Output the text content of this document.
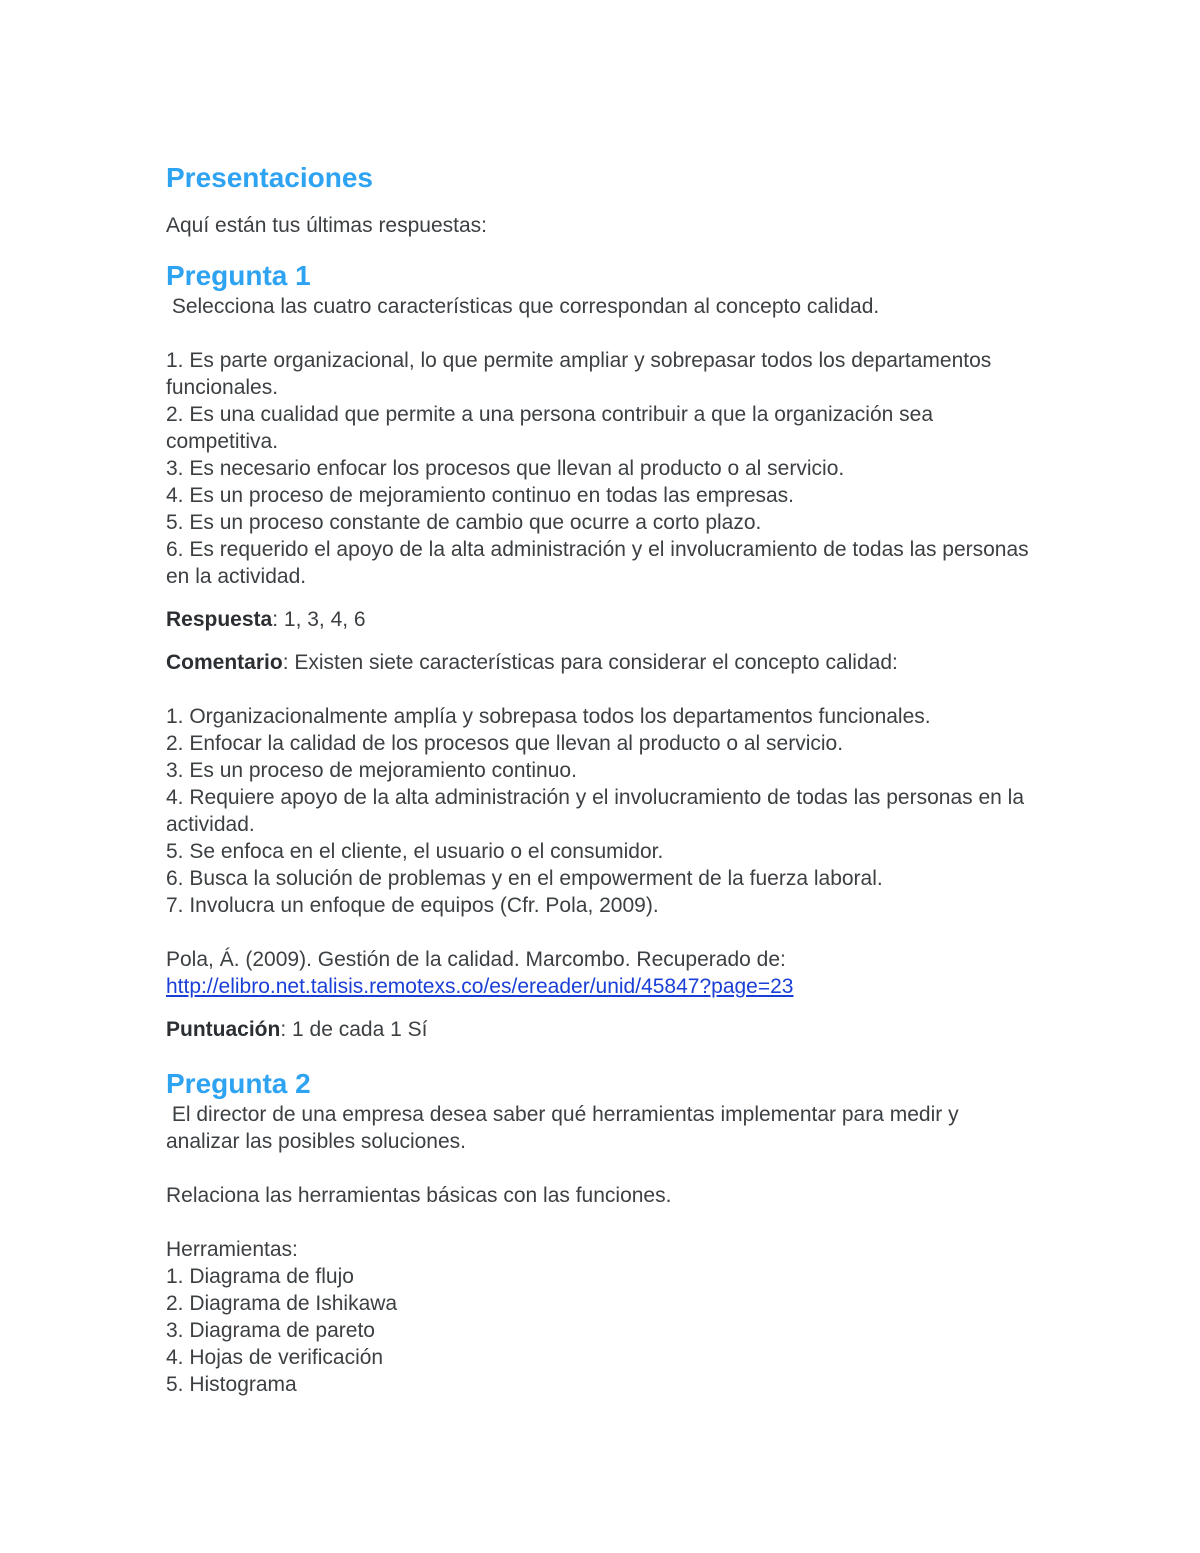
Presentaciones
Aquí están tus últimas respuestas:
Pregunta 1
Selecciona las cuatro características que correspondan al concepto calidad.
1. Es parte organizacional, lo que permite ampliar y sobrepasar todos los departamentos funcionales.
2. Es una cualidad que permite a una persona contribuir a que la organización sea competitiva.
3. Es necesario enfocar los procesos que llevan al producto o al servicio.
4. Es un proceso de mejoramiento continuo en todas las empresas.
5. Es un proceso constante de cambio que ocurre a corto plazo.
6. Es requerido el apoyo de la alta administración y el involucramiento de todas las personas en la actividad.
Respuesta: 1, 3, 4, 6
Comentario: Existen siete características para considerar el concepto calidad:
1. Organizacionalmente amplía y sobrepasa todos los departamentos funcionales.
2. Enfocar la calidad de los procesos que llevan al producto o al servicio.
3. Es un proceso de mejoramiento continuo.
4. Requiere apoyo de la alta administración y el involucramiento de todas las personas en la actividad.
5. Se enfoca en el cliente, el usuario o el consumidor.
6. Busca la solución de problemas y en el empowerment de la fuerza laboral.
7. Involucra un enfoque de equipos (Cfr. Pola, 2009).
Pola, Á. (2009). Gestión de la calidad. Marcombo. Recuperado de:
http://elibro.net.talisis.remotexs.co/es/ereader/unid/45847?page=23
Puntuación: 1 de cada 1 Sí
Pregunta 2
El director de una empresa desea saber qué herramientas implementar para medir y analizar las posibles soluciones.
Relaciona las herramientas básicas con las funciones.
Herramientas:
1. Diagrama de flujo
2. Diagrama de Ishikawa
3. Diagrama de pareto
4. Hojas de verificación
5. Histograma
